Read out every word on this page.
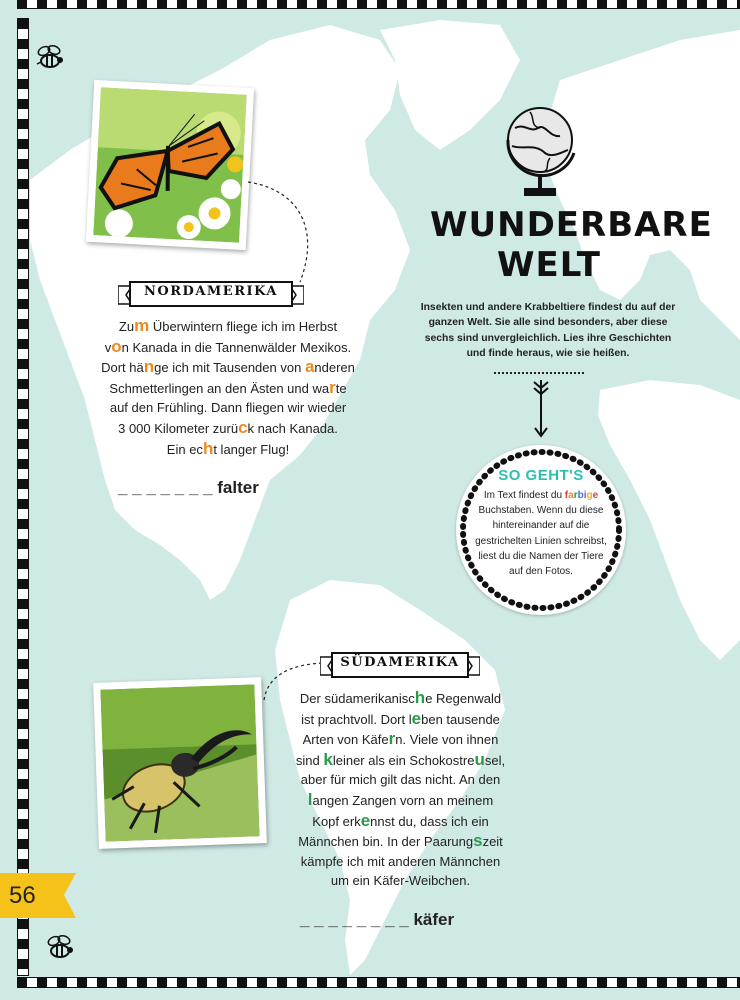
NORDAMERIKA
Zum Überwintern fliege ich im Herbst
von Kanada in die Tannenwälder Mexikos.
Dort hänge ich mit Tausenden von anderen
Schmetterlingen an den Ästen und warte
auf den Frühling. Dann fliegen wir wieder
3 000 Kilometer zurück nach Kanada.
Ein echt langer Flug!
_ _ _ _ _ _ _ falter
WUNDERBARE
WELT
Insekten und andere Krabbeltiere findest du auf der ganzen Welt. Sie alle sind besonders, aber diese sechs sind unvergleichlich. Lies ihre Geschichten und finde heraus, wie sie heißen.
SO GEHT'S
Im Text findest du farbige Buchstaben. Wenn du diese hintereinander auf die gestrichelten Linien schreibst, liest du die Namen der Tiere auf den Fotos.
SÜDAMERIKA
Der südamerikanische Regenwald
ist prachtvoll. Dort leben tausende
Arten von Käfern. Viele von ihnen
sind kleiner als ein Schokostreusel,
aber für mich gilt das nicht. An den
langen Zangen vorn an meinem
Kopf erkennst du, dass ich ein
Männchen bin. In der Paarungszeit
kämpfe ich mit anderen Männchen
um ein Käfer-Weibchen.
_ _ _ _ _ _ _ _ käfer
56
